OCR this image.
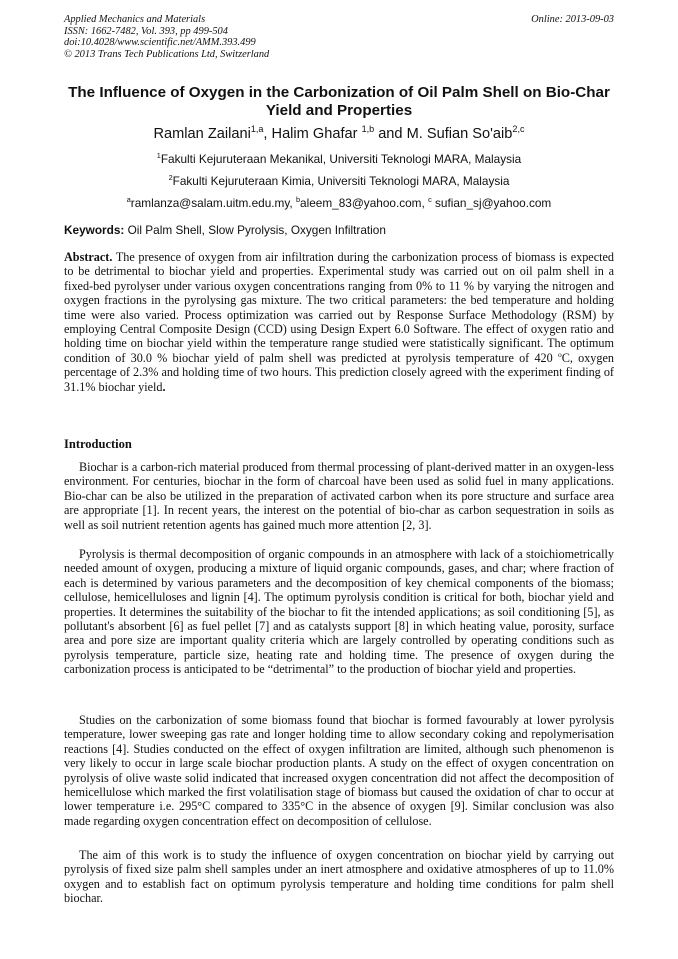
Applied Mechanics and Materials
ISSN: 1662-7482, Vol. 393, pp 499-504
doi:10.4028/www.scientific.net/AMM.393.499
© 2013 Trans Tech Publications Ltd, Switzerland
Online: 2013-09-03
The Influence of Oxygen in the Carbonization of Oil Palm Shell on Bio-Char Yield and Properties
Ramlan Zailani$^{1,a}$, Halim Ghafar $^{1,b}$ and M. Sufian So'aib$^{2,c}$
$^1$Fakulti Kejuruteraan Mekanikal, Universiti Teknologi MARA, Malaysia
$^2$Fakulti Kejuruteraan Kimia, Universiti Teknologi MARA, Malaysia
$^a$ramlanza@salam.uitm.edu.my, $^b$aleem_83@yahoo.com, $^c$ sufian_sj@yahoo.com
Keywords: Oil Palm Shell, Slow Pyrolysis, Oxygen Infiltration
Abstract. The presence of oxygen from air infiltration during the carbonization process of biomass is expected to be detrimental to biochar yield and properties. Experimental study was carried out on oil palm shell in a fixed-bed pyrolyser under various oxygen concentrations ranging from 0% to 11 % by varying the nitrogen and oxygen fractions in the pyrolysing gas mixture. The two critical parameters: the bed temperature and holding time were also varied. Process optimization was carried out by Response Surface Methodology (RSM) by employing Central Composite Design (CCD) using Design Expert 6.0 Software. The effect of oxygen ratio and holding time on biochar yield within the temperature range studied were statistically significant. The optimum condition of 30.0 % biochar yield of palm shell was predicted at pyrolysis temperature of 420 $^o$C, oxygen percentage of 2.3% and holding time of two hours. This prediction closely agreed with the experiment finding of 31.1% biochar yield.
Introduction
Biochar is a carbon-rich material produced from thermal processing of plant-derived matter in an oxygen-less environment. For centuries, biochar in the form of charcoal have been used as solid fuel in many applications. Bio-char can be also be utilized in the preparation of activated carbon when its pore structure and surface area are appropriate [1]. In recent years, the interest on the potential of bio-char as carbon sequestration in soils as well as soil nutrient retention agents has gained much more attention [2, 3].
Pyrolysis is thermal decomposition of organic compounds in an atmosphere with lack of a stoichiometrically needed amount of oxygen, producing a mixture of liquid organic compounds, gases, and char; where fraction of each is determined by various parameters and the decomposition of key chemical components of the biomass; cellulose, hemicelluloses and lignin [4]. The optimum pyrolysis condition is critical for both, biochar yield and properties. It determines the suitability of the biochar to fit the intended applications; as soil conditioning [5], as pollutant's absorbent [6] as fuel pellet [7] and as catalysts support [8] in which heating value, porosity, surface area and pore size are important quality criteria which are largely controlled by operating conditions such as pyrolysis temperature, particle size, heating rate and holding time. The presence of oxygen during the carbonization process is anticipated to be “detrimental” to the production of biochar yield and properties.
Studies on the carbonization of some biomass found that biochar is formed favourably at lower pyrolysis temperature, lower sweeping gas rate and longer holding time to allow secondary coking and repolymerisation reactions [4]. Studies conducted on the effect of oxygen infiltration are limited, although such phenomenon is very likely to occur in large scale biochar production plants. A study on the effect of oxygen concentration on pyrolysis of olive waste solid indicated that increased oxygen concentration did not affect the decomposition of hemicellulose which marked the first volatilisation stage of biomass but caused the oxidation of char to occur at lower temperature i.e. 295°C compared to 335°C in the absence of oxygen [9]. Similar conclusion was also made regarding oxygen concentration effect on decomposition of cellulose.
The aim of this work is to study the influence of oxygen concentration on biochar yield by carrying out pyrolysis of fixed size palm shell samples under an inert atmosphere and oxidative atmospheres of up to 11.0% oxygen and to establish fact on optimum pyrolysis temperature and holding time conditions for palm shell biochar.
